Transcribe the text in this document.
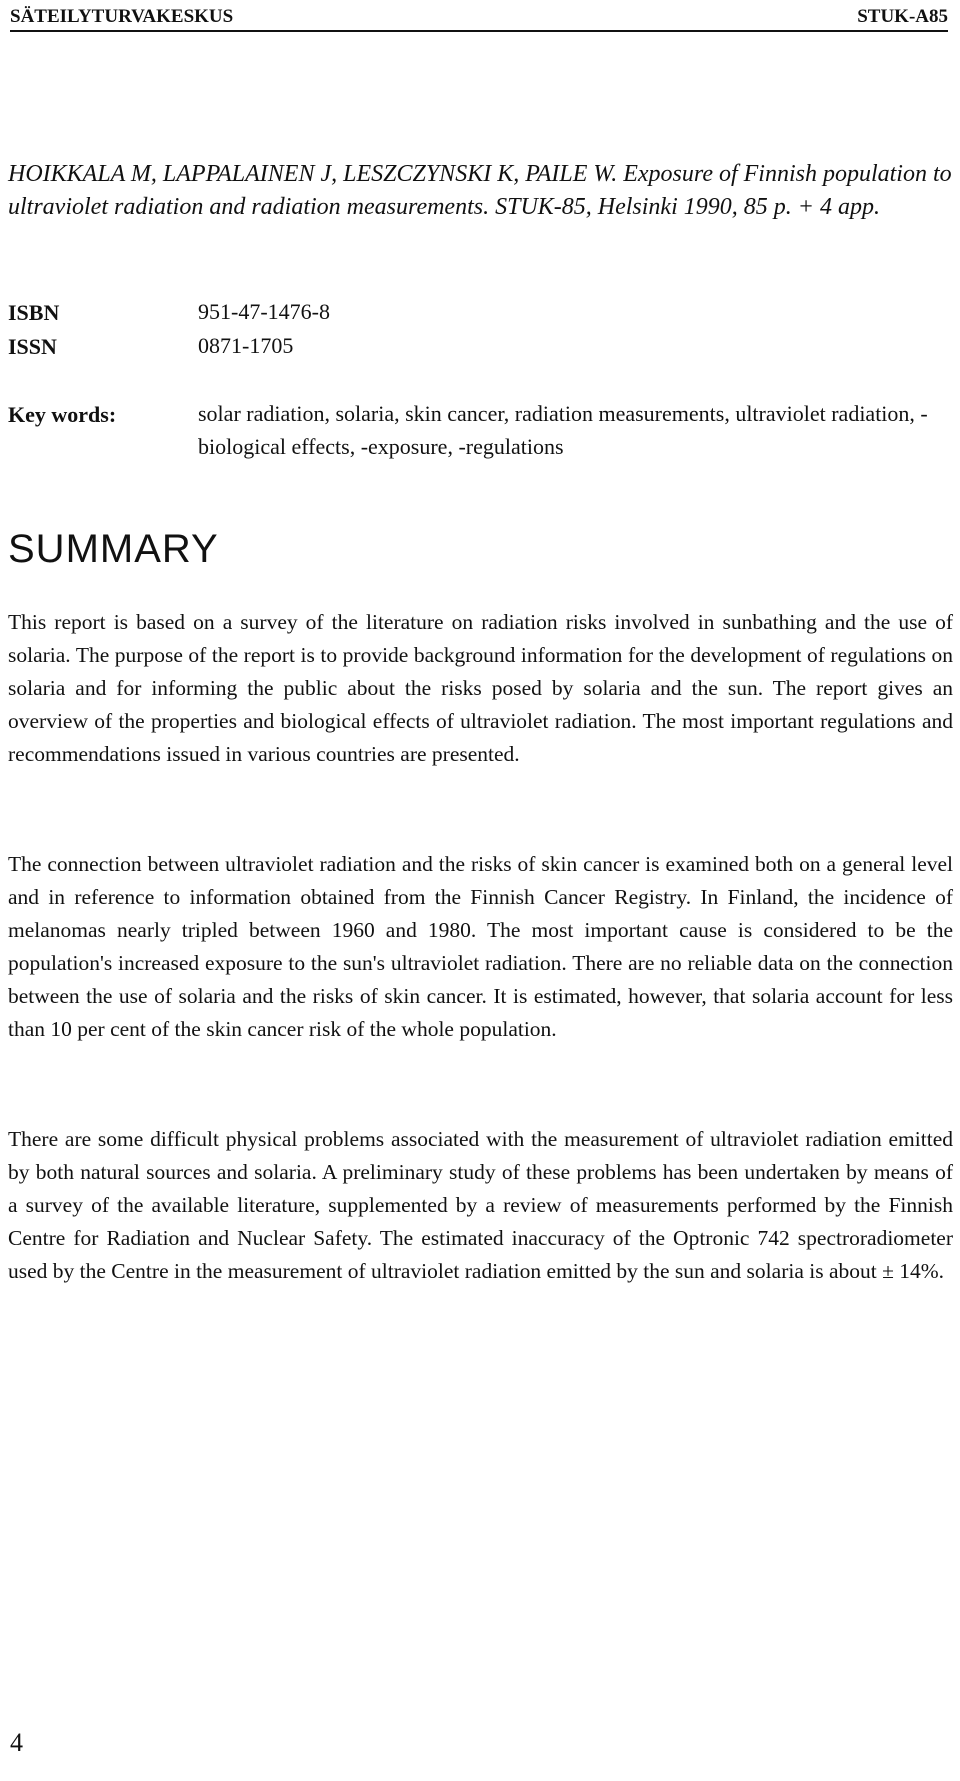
SÄTEILYTURVAKESKUS	STUK-A85
HOIKKALA M, LAPPALAINEN J, LESZCZYNSKI K, PAILE W. Exposure of Finnish population to ultraviolet radiation and radiation measurements. STUK-85, Helsinki 1990, 85 p. + 4 app.
ISBN	951-47-1476-8
ISSN	0871-1705
Key words:	solar radiation, solaria, skin cancer, radiation measurements, ultraviolet radiation, -biological effects, -exposure, -regulations
SUMMARY
This report is based on a survey of the literature on radiation risks involved in sunbathing and the use of solaria. The purpose of the report is to provide background information for the development of regulations on solaria and for informing the public about the risks posed by solaria and the sun. The report gives an overview of the properties and biological effects of ultraviolet radiation. The most important regulations and recommendations issued in various countries are presented.
The connection between ultraviolet radiation and the risks of skin cancer is examined both on a general level and in reference to information obtained from the Finnish Cancer Registry. In Finland, the incidence of melanomas nearly tripled between 1960 and 1980. The most important cause is considered to be the population's increased exposure to the sun's ultraviolet radiation. There are no reliable data on the connection between the use of solaria and the risks of skin cancer. It is estimated, however, that solaria account for less than 10 per cent of the skin cancer risk of the whole population.
There are some difficult physical problems associated with the measurement of ultraviolet radiation emitted by both natural sources and solaria. A preliminary study of these problems has been undertaken by means of a survey of the available literature, supplemented by a review of measurements performed by the Finnish Centre for Radiation and Nuclear Safety. The estimated inaccuracy of the Optronic 742 spectroradiometer used by the Centre in the measurement of ultraviolet radiation emitted by the sun and solaria is about ± 14%.
4
